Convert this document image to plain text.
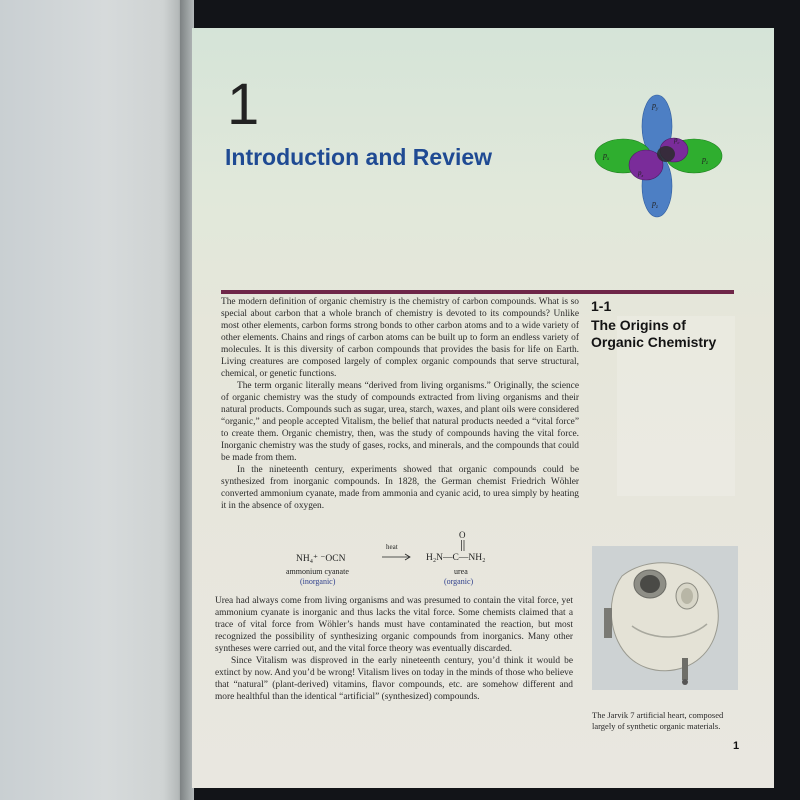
1
Introduction and Review
$p_y$
$p_x$	$p_z$
$p_z$
$p_c$
$p_z$
1-1
The Origins of Organic Chemistry

The modern definition of organic chemistry is the chemistry of carbon compounds. What is so special about carbon that a whole branch of chemistry is devoted to its compounds? Unlike most other elements, carbon forms strong bonds to other carbon atoms and to a wide variety of other elements. Chains and rings of carbon atoms can be built up to form an endless variety of molecules. It is this diversity of carbon compounds that provides the basis for life on Earth. Living creatures are composed largely of complex organic compounds that serve structural, chemical, or genetic functions.

The term organic literally means “derived from living organisms.” Originally, the science of organic chemistry was the study of compounds extracted from living organisms and their natural products. Compounds such as sugar, urea, starch, waxes, and plant oils were considered “organic,” and people accepted Vitalism, the belief that natural products needed a “vital force” to create them. Organic chemistry, then, was the study of compounds having the vital force. Inorganic chemistry was the study of gases, rocks, and minerals, and the compounds that could be made from them.

In the nineteenth century, experiments showed that organic compounds could be synthesized from inorganic compounds. In 1828, the German chemist Friedrich Wöhler converted ammonium cyanate, made from ammonia and cyanic acid, to urea simply by heating it in the absence of oxygen.

NH₄⁺ ⁻OCN
ammonium cyanate
(inorganic)
heat
O
H₂N—C—NH₂
urea
(organic)

Urea had always come from living organisms and was presumed to contain the vital force, yet ammonium cyanate is inorganic and thus lacks the vital force. Some chemists claimed that a trace of vital force from Wöhler’s hands must have contaminated the reaction, but most recognized the possibility of synthesizing organic compounds from inorganics. Many other syntheses were carried out, and the vital force theory was eventually discarded.

Since Vitalism was disproved in the early nineteenth century, you’d think it would be extinct by now. And you’d be wrong! Vitalism lives on today in the minds of those who believe that “natural” (plant-derived) vitamins, flavor compounds, etc. are somehow different and more healthful than the identical “artificial” (synthesized) compounds.

The Jarvik 7 artificial heart, composed largely of synthetic organic materials.
1
